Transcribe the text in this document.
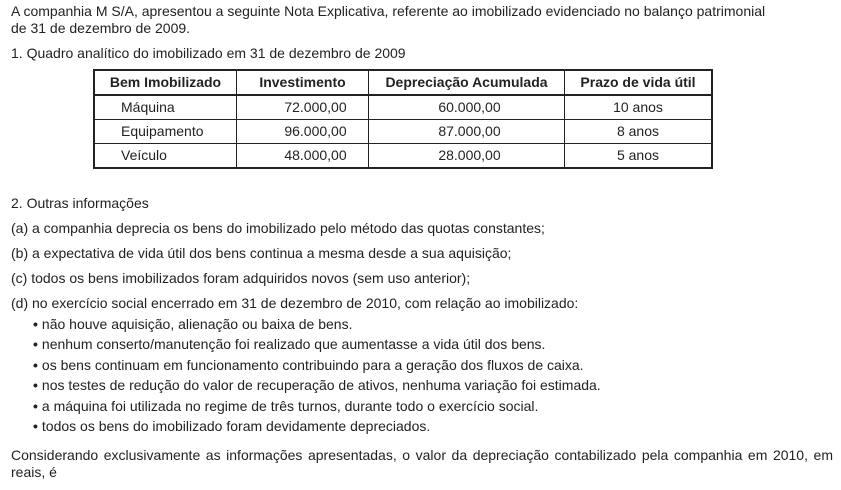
A companhia M S/A, apresentou a seguinte Nota Explicativa, referente ao imobilizado evidenciado no balanço patrimonial
de 31 de dezembro de 2009.
1. Quadro analítico do imobilizado em 31 de dezembro de 2009
Bem Imobilizado	Investimento	Depreciação Acumulada	Prazo de vida útil
Máquina	72.000,00	60.000,00	10 anos
Equipamento	96.000,00	87.000,00	8 anos
Veículo	48.000,00	28.000,00	5 anos
2. Outras informações
(a) a companhia deprecia os bens do imobilizado pelo método das quotas constantes;
(b) a expectativa de vida útil dos bens continua a mesma desde a sua aquisição;
(c) todos os bens imobilizados foram adquiridos novos (sem uso anterior);
(d) no exercício social encerrado em 31 de dezembro de 2010, com relação ao imobilizado:
• não houve aquisição, alienação ou baixa de bens.
• nenhum conserto/manutenção foi realizado que aumentasse a vida útil dos bens.
• os bens continuam em funcionamento contribuindo para a geração dos fluxos de caixa.
• nos testes de redução do valor de recuperação de ativos, nenhuma variação foi estimada.
• a máquina foi utilizada no regime de três turnos, durante todo o exercício social.
• todos os bens do imobilizado foram devidamente depreciados.
Considerando exclusivamente as informações apresentadas, o valor da depreciação contabilizado pela companhia em 2010, em reais, é
